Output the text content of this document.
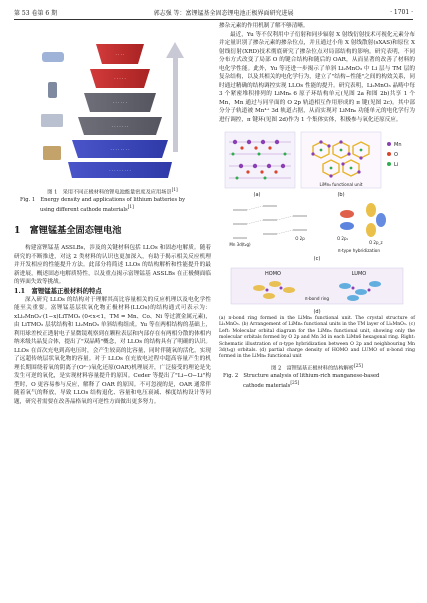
第 53 卷第 6 期	郭志强 等：富锂锰基全固态锂电池正极界面研究进展	· 1701 ·
· · · ·
· · · · ·
· · · · · ·
· · · · · · ·
· · · · · · · ·
· · · · · · · · ·

图 1　采用不同正极材料的锂电池能量密度及应用场景[1]

Fig. 1　Energy density and applications of lithium batteries by
using different cathode materials[1]

1　富锂锰基全固态锂电池

构建富锂锰基 ASSLBs，涉及的关键材料包括 LLOs 和固态电解质。随着研究的不断推进，对这 2 类材料的认识也更加深入，有助于揭示相关反应机理并开发相应的性能提升方法。此部分将简述 LLOs 的结构解析和性能提升的最新进展，概述固态电解质特性，以及重点揭示富锂锰基 ASSLBs 在正极侧面临的界面失效等挑战。

1.1　富锂锰基正极材料的特点

深入研究 LLOs 的结构对于理解其高比容量相关的反应机理以及电化学性能至关重要。富锂锰基层状氧化物正极材料(LLOs)的结构通式可表示为：xLi₂MnO₃·(1−x)LiTMO₂ (0<x<1，TM = Mn、Co、Ni 等过渡金属元素)，由 LiTMO₂ 层状结构和 Li₂MnO₃ 单斜结构组成。Yu 等在两相结构的基础上，利用球差校正透射电子显微镜观察到在颗粒表层和内部存在有两相分散的体相内纳米级共晶复合体，提出了"双晶畴"概念，对 LLOs 的结构具有了明确的认识。LLOs 在首次充电到高电压时，会产生较高的比容量，同时伴随氧的活化，实现了远超传统层状氧化物的容量。对于 LLOs 在充放电过程中超高容量产生的机理长期围绕着氧的阴离子(O²⁻)氧化还原(OAR)机理展开，广泛接受的理论是先发生可逆的氧化，是实现材料容量提升的原因。Ceder 等提出了"Li−O−Li"构型时，O 更容易参与反应，解释了 OAR 的原因。不可忽视的是，OAR 通常伴随着氧气的释放，导致 LLOs 结构退化、容量和电压衰减、梯度结构设计等问题，研究者需要在改善晶格氧的可逆性方面做出更多努力。

掺杂元素的作用机制了解不够清晰。

最近，Yu 等不仅利用中子衍射和同步辐射 X 射线衍射技术可视化元素分布并定量识别了掺杂元素的掺杂位点，并且通过小角 X 射线散射(sXAS)和原位 X 射线衍射(XRD)技术彻底研究了掺杂位点对局部结构的影响。研究表明，不同分布方式改变了局部 O 的键合结构和随后的 OAR，从而显著的改善了材料的电化学性能。此外，Yu 等还进一步揭示了单斜 Li₂MnO₃ 中 Li 层与 TM 层的复杂结构，以及其相关的电化学行为，建立了"结构−性能"之间的构效关系，同时通过精确的结构调控实现 LLOs 性能的提升。研究表明，Li₂MnO₃ 晶畴中每 3 个紧密堆积排列的 LiMn₆ 6 原子环结构单元(见图 2a 和图 2b)共享 1 个 Mn，Mn 通过与同平面的 O 2p 轨道相互作用形成的 π 键(见图 2c)。其中部分分子轨道被 Mn⁴⁺ 3d 轨道占据，从而实现对 LiMn₆ 功能单元的电化学行为进行调控，π 键环(见图 2d)作为 1 个集体实体，积极参与氧化还原反应。

(a)	(b)
LiMn₆ functional unit
Mn
O
Li
Mn 3d(t₂g)
O 2p	O 2pₓ
O 2p_z
π-type hybridization
(c)
HOMO	LUMO
π-bond ring
(d)

(a) π-bond ring formed in the LiMn₆ functional unit. The crystal structure of Li₂MnO₃. (b) Arrangement of LiMn₆ functional units in the TM layer of Li₂MnO₃. (c) Left: Molecular orbital diagram for the LiMn₆ functional unit, showing only the molecular orbitals formed by O 2p and Mn 3d in each LiMn6 hexagonal ring. Right: Schematic illustration of π-type hybridization between O 2p and neighbouring Mn 3d(t₂g) orbitals. (d) partial charge density of HOMO and LUMO of π-bond ring formed in the LiMn₆ functional unit

图 2　富锂锰基正极材料的结构解析[25]

Fig. 2　Structure analysis of lithium-rich manganese-based
cathode materials[25]
